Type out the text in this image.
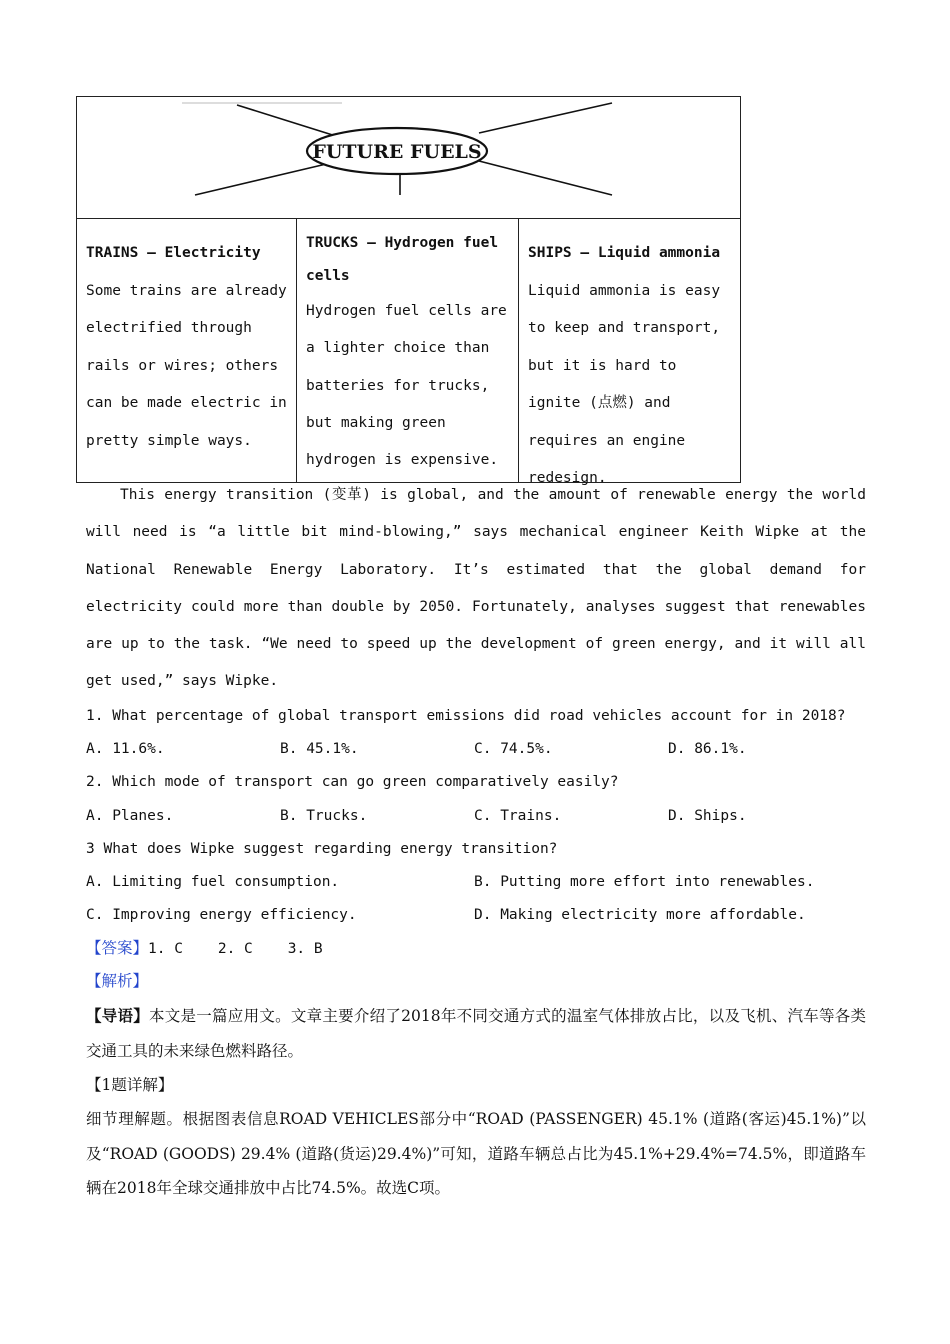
FUTURE FUELS
TRAINS — Electricity
Some trains are already electrified through rails or wires; others can be made electric in pretty simple ways.
TRUCKS — Hydrogen fuel cells
Hydrogen fuel cells are a lighter choice than batteries for trucks, but making green hydrogen is expensive.
SHIPS — Liquid ammonia
Liquid ammonia is easy to keep and transport, but it is hard to ignite (点燃) and requires an engine redesign.
This energy transition (变革) is global, and the amount of renewable energy the world will need is “a little bit mind-blowing,” says mechanical engineer Keith Wipke at the National Renewable Energy Laboratory. It’s estimated that the global demand for electricity could more than double by 2050. Fortunately, analyses suggest that renewables are up to the task. “We need to speed up the development of green energy, and it will all get used,” says Wipke.
1. What percentage of global transport emissions did road vehicles account for in 2018?
A. 11.6%.	B. 45.1%.	C. 74.5%.	D. 86.1%.
2. Which mode of transport can go green comparatively easily?
A. Planes.	B. Trucks.	C. Trains.	D. Ships.
3 What does Wipke suggest regarding energy transition?
A. Limiting fuel consumption.	B. Putting more effort into renewables.
C. Improving energy efficiency.	D. Making electricity more affordable.
【答案】1. C    2. C    3. B
【解析】
【导语】本文是一篇应用文。文章主要介绍了2018年不同交通方式的温室气体排放占比，以及飞机、汽车等各类交通工具的未来绿色燃料路径。
【1题详解】
细节理解题。根据图表信息ROAD VEHICLES部分中“ROAD (PASSENGER) 45.1% (道路(客运)45.1%)”以及“ROAD (GOODS) 29.4% (道路(货运)29.4%)”可知，道路车辆总占比为45.1%+29.4%=74.5%，即道路车辆在2018年全球交通排放中占比74.5%。故选C项。
